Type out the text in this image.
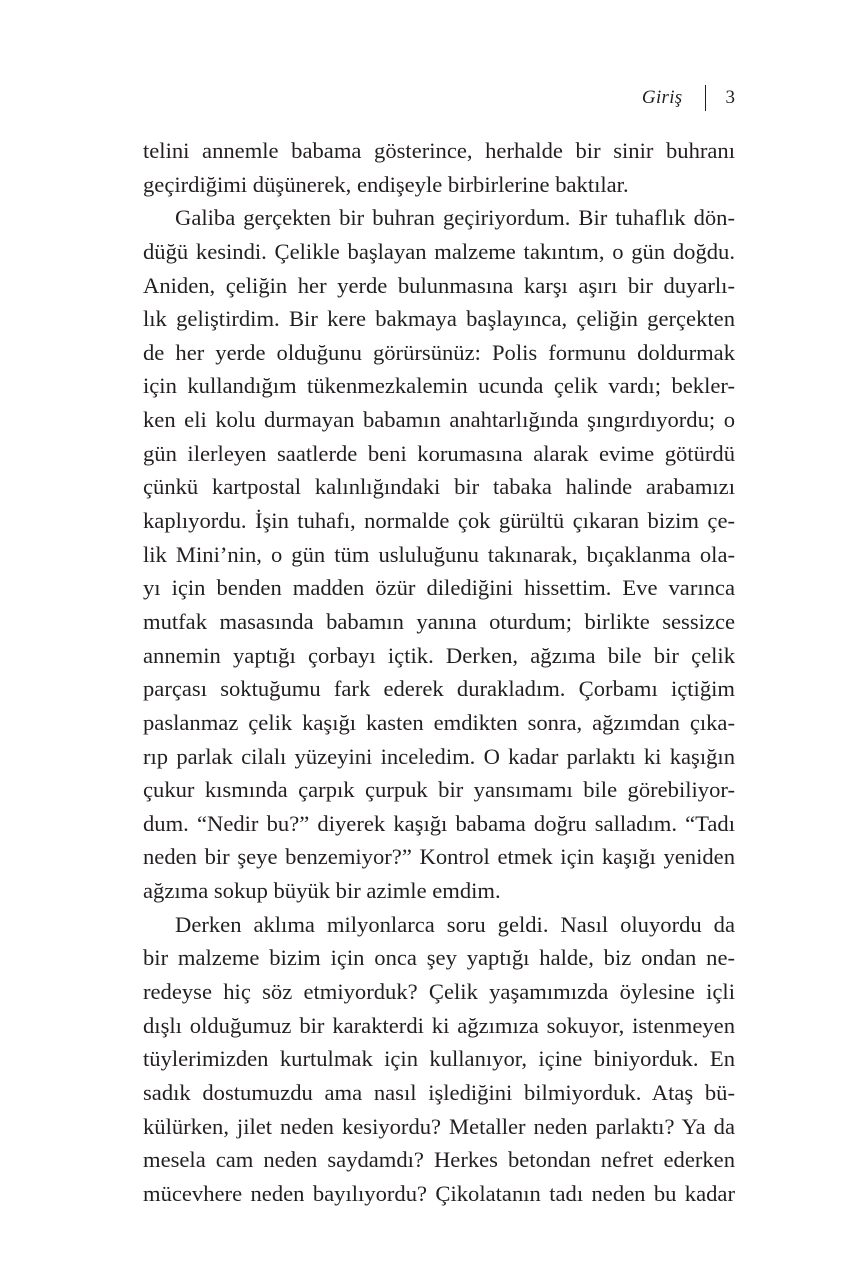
Giriş 3
telini annemle babama gösterince, herhalde bir sinir buhranı
geçirdiğimi düşünerek, endişeyle birbirlerine baktılar.
Galiba gerçekten bir buhran geçiriyordum. Bir tuhaflık dön-
düğü kesindi. Çelikle başlayan malzeme takıntım, o gün doğdu.
Aniden, çeliğin her yerde bulunmasına karşı aşırı bir duyarlı-
lık geliştirdim. Bir kere bakmaya başlayınca, çeliğin gerçekten
de her yerde olduğunu görürsünüz: Polis formunu doldurmak
için kullandığım tükenmezkalemin ucunda çelik vardı; bekler-
ken eli kolu durmayan babamın anahtarlığında şıngırdıyordu; o
gün ilerleyen saatlerde beni korumasına alarak evime götürdü
çünkü kartpostal kalınlığındaki bir tabaka halinde arabamızı
kaplıyordu. İşin tuhafı, normalde çok gürültü çıkaran bizim çe-
lik Mini’nin, o gün tüm usluluğunu takınarak, bıçaklanma ola-
yı için benden madden özür dilediğini hissettim. Eve varınca
mutfak masasında babamın yanına oturdum; birlikte sessizce
annemin yaptığı çorbayı içtik. Derken, ağzıma bile bir çelik
parçası soktuğumu fark ederek durakladım. Çorbamı içtiğim
paslanmaz çelik kaşığı kasten emdikten sonra, ağzımdan çıka-
rıp parlak cilalı yüzeyini inceledim. O kadar parlaktı ki kaşığın
çukur kısmında çarpık çurpuk bir yansımamı bile görebiliyor-
dum. “Nedir bu?” diyerek kaşığı babama doğru salladım. “Tadı
neden bir şeye benzemiyor?” Kontrol etmek için kaşığı yeniden
ağzıma sokup büyük bir azimle emdim.
Derken aklıma milyonlarca soru geldi. Nasıl oluyordu da
bir malzeme bizim için onca şey yaptığı halde, biz ondan ne-
redeyse hiç söz etmiyorduk? Çelik yaşamımızda öylesine içli
dışlı olduğumuz bir karakterdi ki ağzımıza sokuyor, istenmeyen
tüylerimizden kurtulmak için kullanıyor, içine biniyorduk. En
sadık dostumuzdu ama nasıl işlediğini bilmiyorduk. Ataş bü-
külürken, jilet neden kesiyordu? Metaller neden parlaktı? Ya da
mesela cam neden saydamdı? Herkes betondan nefret ederken
mücevhere neden bayılıyordu? Çikolatanın tadı neden bu kadar
